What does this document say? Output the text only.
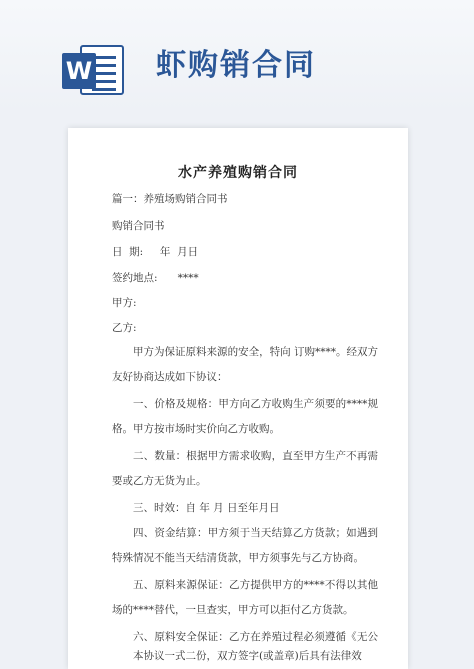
W 虾购销合同
水产养殖购销合同
篇一：养殖场购销合同书
购销合同书
日  期:     年  月日
签约地点:      ****
甲方:
乙方:

甲方为保证原料来源的安全，特向 订购****。经双方友好协商达成如下协议：

一、价格及规格：甲方向乙方收购生产须要的****规格。甲方按市场时实价向乙方收购。

二、数量：根据甲方需求收购，直至甲方生产不再需要或乙方无货为止。

三、时效：自 年 月 日至年月日

四、资金结算：甲方须于当天结算乙方货款；如遇到特殊情况不能当天结清货款，甲方须事先与乙方协商。

五、原料来源保证：乙方提供甲方的****不得以其他场的****替代，一旦查实，甲方可以拒付乙方货款。

六、原料安全保证：乙方在养殖过程必须遵循《无公

本协议一式二份，双方签字(或盖章)后具有法律效
